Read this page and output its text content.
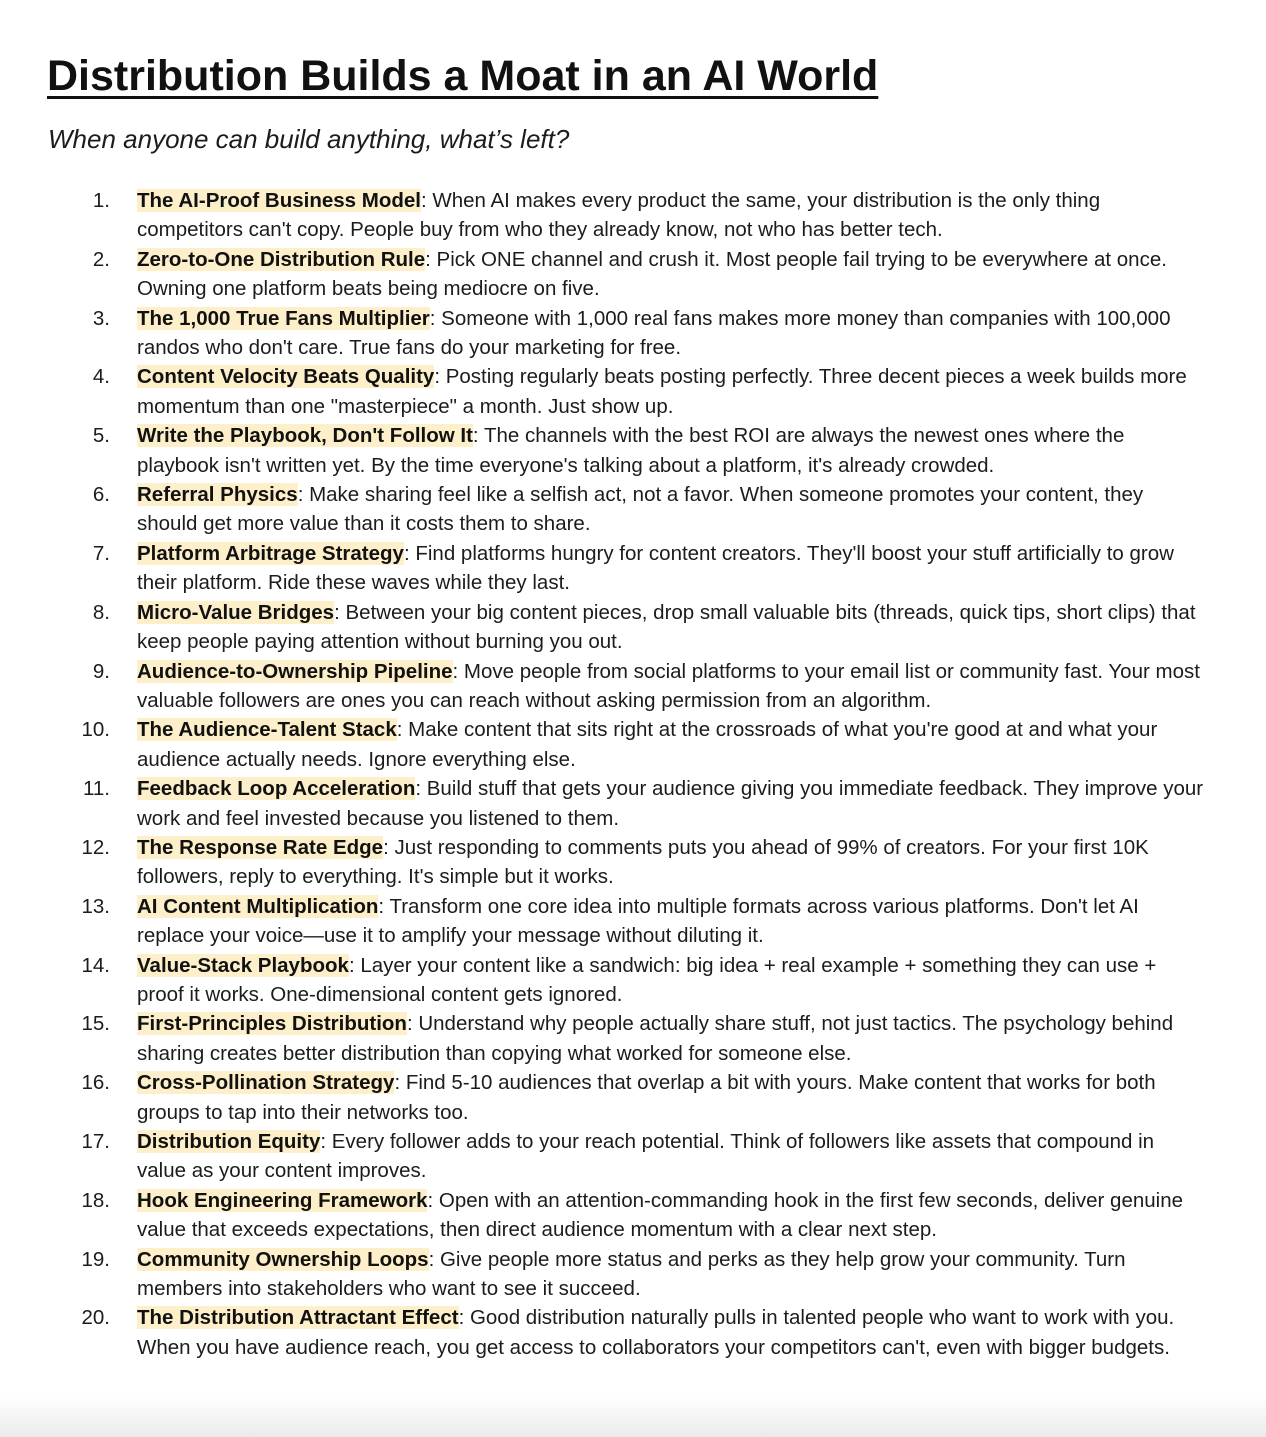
Distribution Builds a Moat in an AI World

When anyone can build anything, what’s left?

1. The AI-Proof Business Model: When AI makes every product the same, your distribution is the only thing competitors can't copy. People buy from who they already know, not who has better tech.
2. Zero-to-One Distribution Rule: Pick ONE channel and crush it. Most people fail trying to be everywhere at once. Owning one platform beats being mediocre on five.
3. The 1,000 True Fans Multiplier: Someone with 1,000 real fans makes more money than companies with 100,000 randos who don't care. True fans do your marketing for free.
4. Content Velocity Beats Quality: Posting regularly beats posting perfectly. Three decent pieces a week builds more momentum than one "masterpiece" a month. Just show up.
5. Write the Playbook, Don't Follow It: The channels with the best ROI are always the newest ones where the playbook isn't written yet. By the time everyone's talking about a platform, it's already crowded.
6. Referral Physics: Make sharing feel like a selfish act, not a favor. When someone promotes your content, they should get more value than it costs them to share.
7. Platform Arbitrage Strategy: Find platforms hungry for content creators. They'll boost your stuff artificially to grow their platform. Ride these waves while they last.
8. Micro-Value Bridges: Between your big content pieces, drop small valuable bits (threads, quick tips, short clips) that keep people paying attention without burning you out.
9. Audience-to-Ownership Pipeline: Move people from social platforms to your email list or community fast. Your most valuable followers are ones you can reach without asking permission from an algorithm.
10. The Audience-Talent Stack: Make content that sits right at the crossroads of what you're good at and what your audience actually needs. Ignore everything else.
11. Feedback Loop Acceleration: Build stuff that gets your audience giving you immediate feedback. They improve your work and feel invested because you listened to them.
12. The Response Rate Edge: Just responding to comments puts you ahead of 99% of creators. For your first 10K followers, reply to everything. It's simple but it works.
13. AI Content Multiplication: Transform one core idea into multiple formats across various platforms. Don't let AI replace your voice—use it to amplify your message without diluting it.
14. Value-Stack Playbook: Layer your content like a sandwich: big idea + real example + something they can use + proof it works. One-dimensional content gets ignored.
15. First-Principles Distribution: Understand why people actually share stuff, not just tactics. The psychology behind sharing creates better distribution than copying what worked for someone else.
16. Cross-Pollination Strategy: Find 5-10 audiences that overlap a bit with yours. Make content that works for both groups to tap into their networks too.
17. Distribution Equity: Every follower adds to your reach potential. Think of followers like assets that compound in value as your content improves.
18. Hook Engineering Framework: Open with an attention-commanding hook in the first few seconds, deliver genuine value that exceeds expectations, then direct audience momentum with a clear next step.
19. Community Ownership Loops: Give people more status and perks as they help grow your community. Turn members into stakeholders who want to see it succeed.
20. The Distribution Attractant Effect: Good distribution naturally pulls in talented people who want to work with you. When you have audience reach, you get access to collaborators your competitors can't, even with bigger budgets.
